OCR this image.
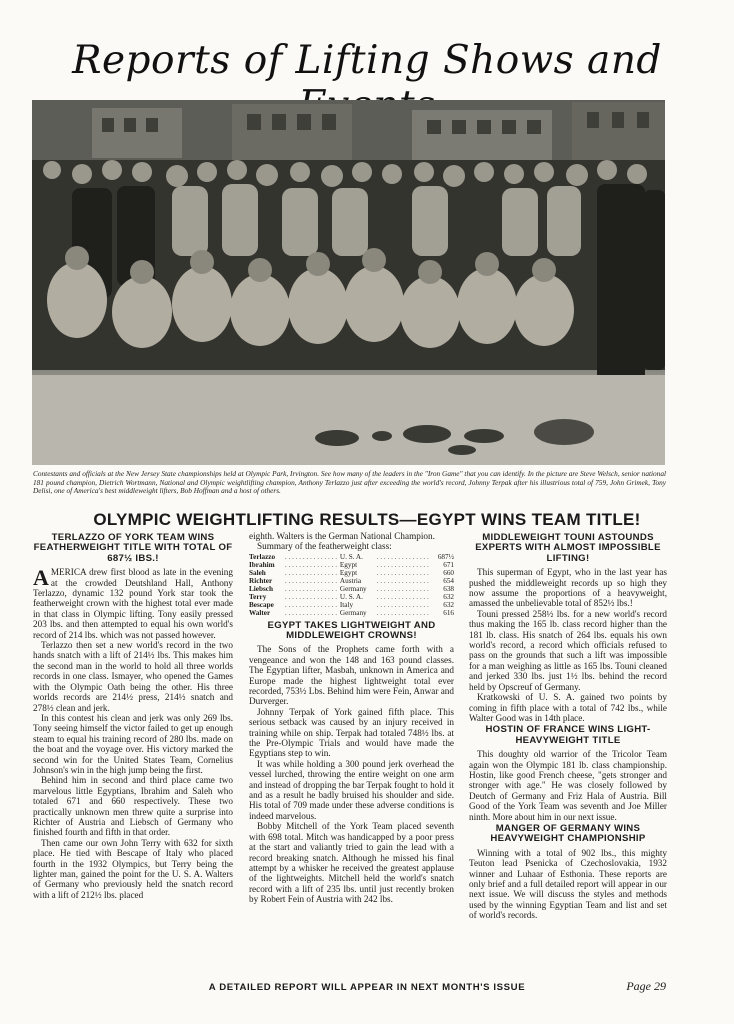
Reports of Lifting Shows and
Contestants and officials at the New Jersey State championships held at Olympic Park, Irvington. See how many of the leaders in the "Iron Game" that you can identify. In the picture are Steve Welsch, senior national 181 pound champion, Dietrich Wortmann, National and Olympic weightlifting champion, Anthony Terlazzo just after exceeding the world's record, Johnny Terpak after his illustrious total of 759, John Grimek, Tony Delisi, one of America's best middleweight lifters, Bob Hoffman and a host of others.
OLYMPIC WEIGHTLIFTING RESULTS—EGYPT WINS TEAM TITLE!
TERLAZZO OF YORK TEAM WINS FEATHERWEIGHT TITLE WITH TOTAL OF 687½ IBS.!

AMERICA drew first blood as late in the evening at the crowded Deutshland Hall, Anthony Terlazzo, dynamic 132 pound York star took the featherweight crown with the highest total ever made in that class in Olympic lifting. Tony easily pressed 203 lbs. and then attempted to equal his own world's record of 214 lbs. which was not passed however.

Terlazzo then set a new world's record in the two hands snatch with a lift of 214½ lbs. This makes him the second man in the world to hold all three worlds records in one class. Ismayer, who opened the Games with the Olympic Oath being the other. His three worlds records are 214½ press, 214½ snatch and 278½ clean and jerk.

In this contest his clean and jerk was only 269 lbs. Tony seeing himself the victor failed to get up enough steam to equal his training record of 280 lbs. made on the boat and the voyage over. His victory marked the second win for the United States Team, Cornelius Johnson's win in the high jump being the first.

Behind him in second and third place came two marvelous little Egyptians, Ibrahim and Saleh who totaled 671 and 660 respectively. These two practically unknown men threw quite a surprise into Richter of Austria and Liebsch of Germany who finished fourth and fifth in that order.

Then came our own John Terry with 632 for sixth place. He tied with Bescape of Italy who placed fourth in the 1932 Olympics, but Terry being the lighter man, gained the point for the U. S. A. Walters of Germany who previously held the snatch record with a lift of 212½ lbs. placed

eighth. Walters is the German National Champion.

Summary of the featherweight class:

Terlazzo	. . . . . . . . . . . . . . .	U. S. A.	. . . . . . . . . . . . . . .	687½
Ibrahim	. . . . . . . . . . . . . . .	Egypt	. . . . . . . . . . . . . . .	671
Saleh	. . . . . . . . . . . . . . .	Egypt	. . . . . . . . . . . . . . .	660
Richter	. . . . . . . . . . . . . . .	Austria	. . . . . . . . . . . . . . .	654
Liebsch	. . . . . . . . . . . . . . .	Germany	. . . . . . . . . . . . . . .	638
Terry	. . . . . . . . . . . . . . .	U. S. A.	. . . . . . . . . . . . . . .	632
Bescape	. . . . . . . . . . . . . . .	Italy	. . . . . . . . . . . . . . .	632
Walter	. . . . . . . . . . . . . . .	Germany	. . . . . . . . . . . . . . .	616
EGYPT TAKES LIGHTWEIGHT AND MIDDLEWEIGHT CROWNS!

The Sons of the Prophets came forth with a vengeance and won the 148 and 163 pound classes. The Egyptian lifter, Masbah, unknown in America and Europe made the highest lightweight total ever recorded, 753½ Lbs. Behind him were Fein, Anwar and Durverger.

Johnny Terpak of York gained fifth place. This serious setback was caused by an injury received in training while on ship. Terpak had totaled 748½ lbs. at the Pre-Olympic Trials and would have made the Egyptians step to win.

It was while holding a 300 pound jerk overhead the vessel lurched, throwing the entire weight on one arm and instead of dropping the bar Terpak fought to hold it and as a result he badly bruised his shoulder and side. His total of 709 made under these adverse conditions is indeed marvelous.

Bobby Mitchell of the York Team placed seventh with 698 total. Mitch was handicapped by a poor press at the start and valiantly tried to gain the lead with a record breaking snatch. Although he missed his final attempt by a whisker he received the greatest applause of the lightweights. Mitchell held the world's snatch record with a lift of 235 lbs. until just recently broken by Robert Fein of Austria with 242 lbs.

MIDDLEWEIGHT TOUNI ASTOUNDS EXPERTS WITH ALMOST IMPOSSIBLE LIFTING!

This superman of Egypt, who in the last year has pushed the middleweight records up so high they now assume the proportions of a heavyweight, amassed the unbelievable total of 852½ lbs.!

Touni pressed 258½ lbs. for a new world's record thus making the 165 lb. class record higher than the 181 lb. class. His snatch of 264 lbs. equals his own world's record, a record which officials refused to pass on the grounds that such a lift was impossible for a man weighing as little as 165 lbs. Touni cleaned and jerked 330 lbs. just 1½ lbs. behind the record held by Opscreuf of Germany.

Kratkowski of U. S. A. gained two points by coming in fifth place with a total of 742 lbs., while Walter Good was in 14th place.

HOSTIN OF FRANCE WINS LIGHT-HEAVYWEIGHT TITLE

This doughty old warrior of the Tricolor Team again won the Olympic 181 lb. class championship. Hostin, like good French cheese, "gets stronger and stronger with age." He was closely followed by Deutch of Germany and Friz Hala of Austria. Bill Good of the York Team was seventh and Joe Miller ninth. More about him in our next issue.

MANGER OF GERMANY WINS HEAVYWEIGHT CHAMPIONSHIP

Winning with a total of 902 lbs., this mighty Teuton lead Psenicka of Czechoslovakia, 1932 winner and Luhaar of Esthonia. These reports are only brief and a full detailed report will appear in our next issue. We will discuss the styles and methods used by the winning Egyptian Team and list and set of world's records.

A DETAILED REPORT WILL APPEAR IN NEXT MONTH'S ISSUE	Page 29
